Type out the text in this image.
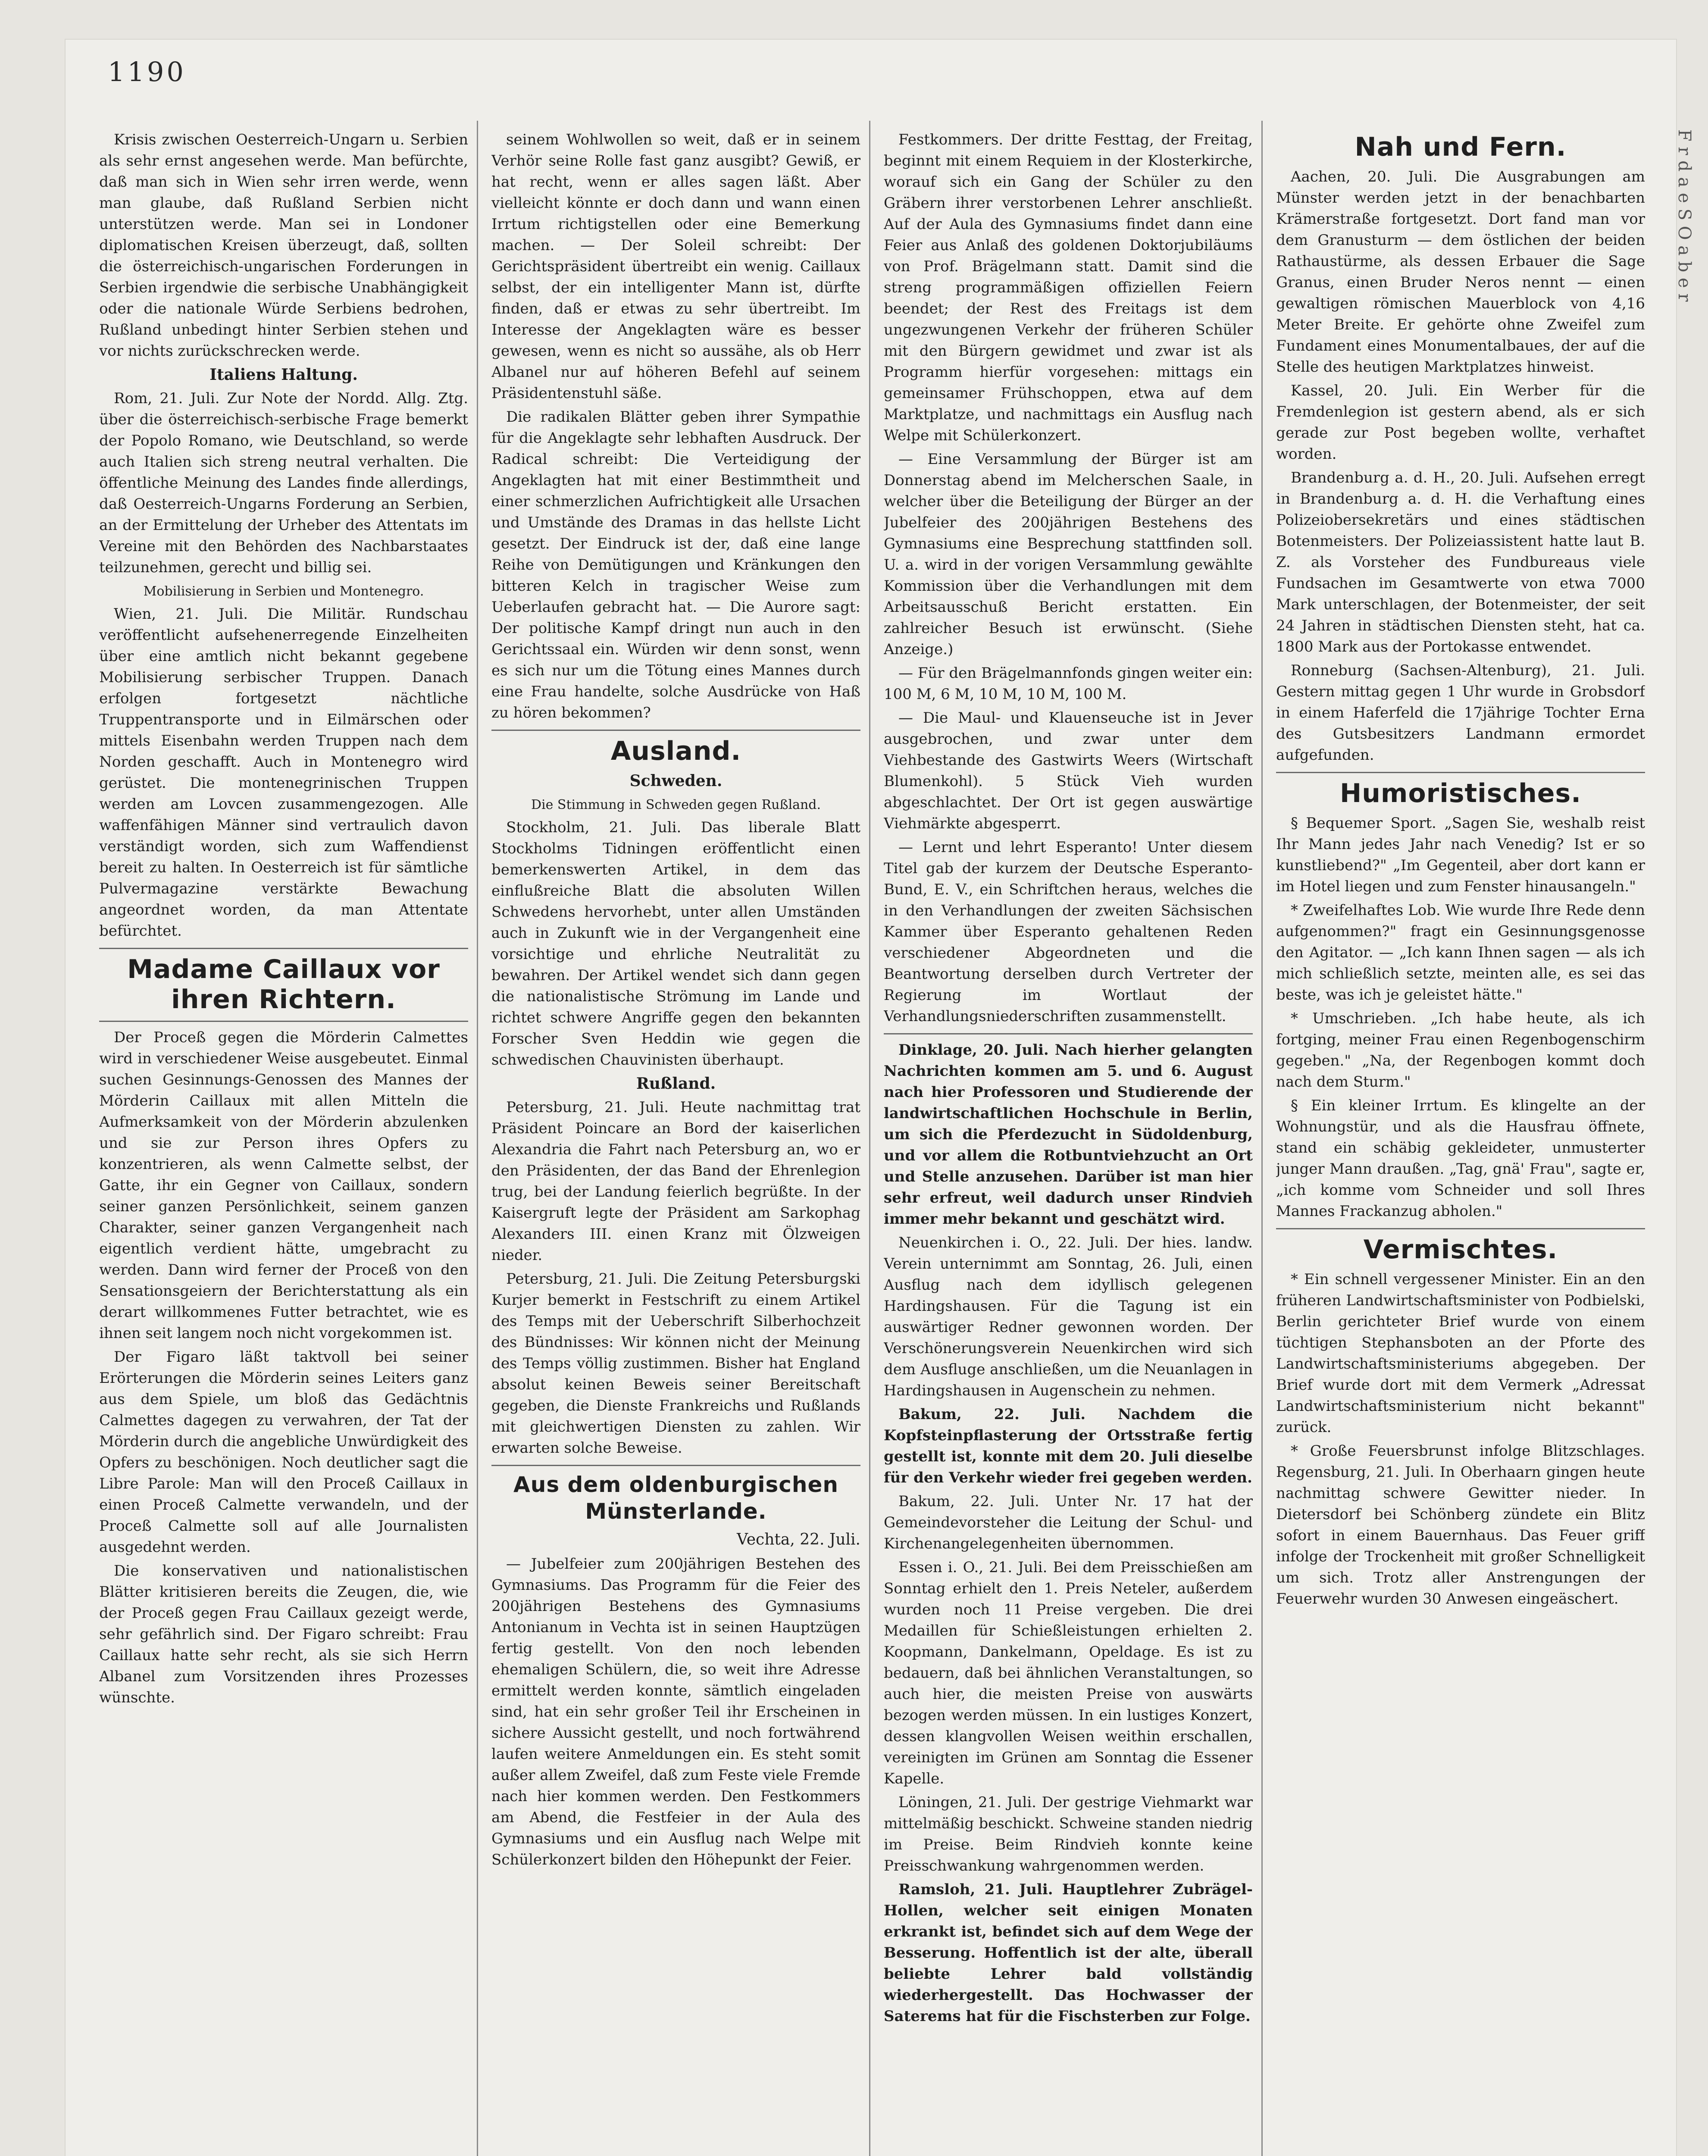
1190

Krisis zwischen Oesterreich-Ungarn u. Serbien als sehr ernst angesehen werde. Man befürchte, daß man sich in Wien sehr irren werde, wenn man glaube, daß Rußland Serbien nicht unterstützen werde. Man sei in Londoner diplomatischen Kreisen überzeugt, daß, sollten die österreichisch-ungarischen Forderungen in Serbien irgendwie die serbische Unabhängigkeit oder die nationale Würde Serbiens bedrohen, Rußland unbedingt hinter Serbien stehen und vor nichts zurückschrecken werde.

Italiens Haltung.

Rom, 21. Juli. Zur Note der Nordd. Allg. Ztg. über die österreichisch-serbische Frage bemerkt der Popolo Romano, wie Deutschland, so werde auch Italien sich streng neutral verhalten. Die öffentliche Meinung des Landes finde allerdings, daß Oesterreich-Ungarns Forderung an Serbien, an der Ermittelung der Urheber des Attentats im Vereine mit den Behörden des Nachbarstaates teilzunehmen, gerecht und billig sei.

Mobilisierung in Serbien und Montenegro.

Wien, 21. Juli. Die Militär. Rundschau veröffentlicht aufsehenerregende Einzelheiten über eine amtlich nicht bekannt gegebene Mobilisierung serbischer Truppen. Danach erfolgen fortgesetzt nächtliche Truppentransporte und in Eilmärschen oder mittels Eisenbahn werden Truppen nach dem Norden geschafft. Auch in Montenegro wird gerüstet. Die montenegrinischen Truppen werden am Lovcen zusammengezogen. Alle waffenfähigen Männer sind vertraulich davon verständigt worden, sich zum Waffendienst bereit zu halten. In Oesterreich ist für sämtliche Pulvermagazine verstärkte Bewachung angeordnet worden, da man Attentate befürchtet.

Madame Caillaux vor ihren Richtern.

Der Proceß gegen die Mörderin Calmettes wird in verschiedener Weise ausgebeutet. Einmal suchen Gesinnungs-Genossen des Mannes der Mörderin Caillaux mit allen Mitteln die Aufmerksamkeit von der Mörderin abzulenken und sie zur Person ihres Opfers zu konzentrieren, als wenn Calmette selbst, der Gatte, ihr ein Gegner von Caillaux, sondern seiner ganzen Persönlichkeit, seinem ganzen Charakter, seiner ganzen Vergangenheit nach eigentlich verdient hätte, umgebracht zu werden. Dann wird ferner der Proceß von den Sensationsgeiern der Berichterstattung als ein derart willkommenes Futter betrachtet, wie es ihnen seit langem noch nicht vorgekommen ist.

Der Figaro läßt taktvoll bei seiner Erörterungen die Mörderin seines Leiters ganz aus dem Spiele, um bloß das Gedächtnis Calmettes dagegen zu verwahren, der Tat der Mörderin durch die angebliche Unwürdigkeit des Opfers zu beschönigen. Noch deutlicher sagt die Libre Parole: Man will den Proceß Caillaux in einen Proceß Calmette verwandeln, und der Proceß Calmette soll auf alle Journalisten ausgedehnt werden.

Die konservativen und nationalistischen Blätter kritisieren bereits die Zeugen, die, wie der Proceß gegen Frau Caillaux gezeigt werde, sehr gefährlich sind. Der Figaro schreibt: Frau Caillaux hatte sehr recht, als sie sich Herrn Albanel zum Vorsitzenden ihres Prozesses wünschte.

seinem Wohlwollen so weit, daß er in seinem Verhör seine Rolle fast ganz ausgibt? Gewiß, er hat recht, wenn er alles sagen läßt. Aber vielleicht könnte er doch dann und wann einen Irrtum richtigstellen oder eine Bemerkung machen. — Der Soleil schreibt: Der Gerichtspräsident übertreibt ein wenig. Caillaux selbst, der ein intelligenter Mann ist, dürfte finden, daß er etwas zu sehr übertreibt. Im Interesse der Angeklagten wäre es besser gewesen, wenn es nicht so aussähe, als ob Herr Albanel nur auf höheren Befehl auf seinem Präsidentenstuhl säße.

Die radikalen Blätter geben ihrer Sympathie für die Angeklagte sehr lebhaften Ausdruck. Der Radical schreibt: Die Verteidigung der Angeklagten hat mit einer Bestimmtheit und einer schmerzlichen Aufrichtigkeit alle Ursachen und Umstände des Dramas in das hellste Licht gesetzt. Der Eindruck ist der, daß eine lange Reihe von Demütigungen und Kränkungen den bitteren Kelch in tragischer Weise zum Ueberlaufen gebracht hat. — Die Aurore sagt: Der politische Kampf dringt nun auch in den Gerichtssaal ein. Würden wir denn sonst, wenn es sich nur um die Tötung eines Mannes durch eine Frau handelte, solche Ausdrücke von Haß zu hören bekommen?

Ausland.
Schweden.
Die Stimmung in Schweden gegen Rußland.

Stockholm, 21. Juli. Das liberale Blatt Stockholms Tidningen eröffentlicht einen bemerkenswerten Artikel, in dem das einflußreiche Blatt die absoluten Willen Schwedens hervorhebt, unter allen Umständen auch in Zukunft wie in der Vergangenheit eine vorsichtige und ehrliche Neutralität zu bewahren. Der Artikel wendet sich dann gegen die nationalistische Strömung im Lande und richtet schwere Angriffe gegen den bekannten Forscher Sven Heddin wie gegen die schwedischen Chauvinisten überhaupt.

Rußland.

Petersburg, 21. Juli. Heute nachmittag trat Präsident Poincare an Bord der kaiserlichen Alexandria die Fahrt nach Petersburg an, wo er den Präsidenten, der das Band der Ehrenlegion trug, bei der Landung feierlich begrüßte. In der Kaisergruft legte der Präsident am Sarkophag Alexanders III. einen Kranz mit Ölzweigen nieder.

Petersburg, 21. Juli. Die Zeitung Petersburgski Kurjer bemerkt in Festschrift zu einem Artikel des Temps mit der Ueberschrift Silberhochzeit des Bündnisses: Wir können nicht der Meinung des Temps völlig zustimmen. Bisher hat England absolut keinen Beweis seiner Bereitschaft gegeben, die Dienste Frankreichs und Rußlands mit gleichwertigen Diensten zu zahlen. Wir erwarten solche Beweise.

Aus dem oldenburgischen Münsterlande.
Vechta, 22. Juli.

— Jubelfeier zum 200jährigen Bestehen des Gymnasiums. Das Programm für die Feier des 200jährigen Bestehens des Gymnasiums Antonianum in Vechta ist in seinen Hauptzügen fertig gestellt. Von den noch lebenden ehemaligen Schülern, die, so weit ihre Adresse ermittelt werden konnte, sämtlich eingeladen sind, hat ein sehr großer Teil ihr Erscheinen in sichere Aussicht gestellt, und noch fortwährend laufen weitere Anmeldungen ein. Es steht somit außer allem Zweifel, daß zum Feste viele Fremde nach hier kommen werden. Den Festkommers am Abend, die Festfeier in der Aula des Gymnasiums und ein Ausflug nach Welpe mit Schülerkonzert bilden den Höhepunkt der Feier.

Festkommers. Der dritte Festtag, der Freitag, beginnt mit einem Requiem in der Klosterkirche, worauf sich ein Gang der Schüler zu den Gräbern ihrer verstorbenen Lehrer anschließt. Auf der Aula des Gymnasiums findet dann eine Feier aus Anlaß des goldenen Doktorjubiläums von Prof. Brägelmann statt. Damit sind die streng programmäßigen offiziellen Feiern beendet; der Rest des Freitags ist dem ungezwungenen Verkehr der früheren Schüler mit den Bürgern gewidmet und zwar ist als Programm hierfür vorgesehen: mittags ein gemeinsamer Frühschoppen, etwa auf dem Marktplatze, und nachmittags ein Ausflug nach Welpe mit Schülerkonzert.

— Eine Versammlung der Bürger ist am Donnerstag abend im Melcherschen Saale, in welcher über die Beteiligung der Bürger an der Jubelfeier des 200jährigen Bestehens des Gymnasiums eine Besprechung stattfinden soll. U. a. wird in der vorigen Versammlung gewählte Kommission über die Verhandlungen mit dem Arbeitsausschuß Bericht erstatten. Ein zahlreicher Besuch ist erwünscht. (Siehe Anzeige.)

— Für den Brägelmannfonds gingen weiter ein: 100 M, 6 M, 10 M, 10 M, 100 M.

— Die Maul- und Klauenseuche ist in Jever ausgebrochen, und zwar unter dem Viehbestande des Gastwirts Weers (Wirtschaft Blumenkohl). 5 Stück Vieh wurden abgeschlachtet. Der Ort ist gegen auswärtige Viehmärkte abgesperrt.

— Lernt und lehrt Esperanto! Unter diesem Titel gab der kurzem der Deutsche Esperanto-Bund, E. V., ein Schriftchen heraus, welches die in den Verhandlungen der zweiten Sächsischen Kammer über Esperanto gehaltenen Reden verschiedener Abgeordneten und die Beantwortung derselben durch Vertreter der Regierung im Wortlaut der Verhandlungsniederschriften zusammenstellt.

Dinklage, 20. Juli. Nach hierher gelangten Nachrichten kommen am 5. und 6. August nach hier Professoren und Studierende der landwirtschaftlichen Hochschule in Berlin, um sich die Pferdezucht in Südoldenburg, und vor allem die Rotbuntviehzucht an Ort und Stelle anzusehen. Darüber ist man hier sehr erfreut, weil dadurch unser Rindvieh immer mehr bekannt und geschätzt wird.

Neuenkirchen i. O., 22. Juli. Der hies. landw. Verein unternimmt am Sonntag, 26. Juli, einen Ausflug nach dem idyllisch gelegenen Hardingshausen. Für die Tagung ist ein auswärtiger Redner gewonnen worden. Der Verschönerungsverein Neuenkirchen wird sich dem Ausfluge anschließen, um die Neuanlagen in Hardingshausen in Augenschein zu nehmen.

Bakum, 22. Juli. Nachdem die Kopfsteinpflasterung der Ortsstraße fertig gestellt ist, konnte mit dem 20. Juli dieselbe für den Verkehr wieder frei gegeben werden.

Bakum, 22. Juli. Unter Nr. 17 hat der Gemeindevorsteher die Leitung der Schul- und Kirchenangelegenheiten übernommen.

Essen i. O., 21. Juli. Bei dem Preisschießen am Sonntag erhielt den 1. Preis Neteler, außerdem wurden noch 11 Preise vergeben. Die drei Medaillen für Schießleistungen erhielten 2. Koopmann, Dankelmann, Opeldage. Es ist zu bedauern, daß bei ähnlichen Veranstaltungen, so auch hier, die meisten Preise von auswärts bezogen werden müssen. In ein lustiges Konzert, dessen klangvollen Weisen weithin erschallen, vereinigten im Grünen am Sonntag die Essener Kapelle.

Löningen, 21. Juli. Der gestrige Viehmarkt war mittelmäßig beschickt. Schweine standen niedrig im Preise. Beim Rindvieh konnte keine Preisschwankung wahrgenommen werden.

Ramsloh, 21. Juli. Hauptlehrer Zubrägel-Hollen, welcher seit einigen Monaten erkrankt ist, befindet sich auf dem Wege der Besserung. Hoffentlich ist der alte, überall beliebte Lehrer bald vollständig wiederhergestellt. Das Hochwasser der Saterems hat für die Fischsterben zur Folge.

Nah und Fern.

Aachen, 20. Juli. Die Ausgrabungen am Münster werden jetzt in der benachbarten Krämerstraße fortgesetzt. Dort fand man vor dem Granusturm — dem östlichen der beiden Rathaustürme, als dessen Erbauer die Sage Granus, einen Bruder Neros nennt — einen gewaltigen römischen Mauerblock von 4,16 Meter Breite. Er gehörte ohne Zweifel zum Fundament eines Monumentalbaues, der auf die Stelle des heutigen Marktplatzes hinweist.

Kassel, 20. Juli. Ein Werber für die Fremdenlegion ist gestern abend, als er sich gerade zur Post begeben wollte, verhaftet worden.

Brandenburg a. d. H., 20. Juli. Aufsehen erregt in Brandenburg a. d. H. die Verhaftung eines Polizeiobersekretärs und eines städtischen Botenmeisters. Der Polizeiassistent hatte laut B. Z. als Vorsteher des Fundbureaus viele Fundsachen im Gesamtwerte von etwa 7000 Mark unterschlagen, der Botenmeister, der seit 24 Jahren in städtischen Diensten steht, hat ca. 1800 Mark aus der Portokasse entwendet.

Ronneburg (Sachsen-Altenburg), 21. Juli. Gestern mittag gegen 1 Uhr wurde in Grobsdorf in einem Haferfeld die 17jährige Tochter Erna des Gutsbesitzers Landmann ermordet aufgefunden.

Humoristisches.

§ Bequemer Sport. „Sagen Sie, weshalb reist Ihr Mann jedes Jahr nach Venedig? Ist er so kunstliebend?" „Im Gegenteil, aber dort kann er im Hotel liegen und zum Fenster hinausangeln."

* Zweifelhaftes Lob. Wie wurde Ihre Rede denn aufgenommen?" fragt ein Gesinnungsgenosse den Agitator. — „Ich kann Ihnen sagen — als ich mich schließlich setzte, meinten alle, es sei das beste, was ich je geleistet hätte."

* Umschrieben. „Ich habe heute, als ich fortging, meiner Frau einen Regenbogenschirm gegeben." „Na, der Regenbogen kommt doch nach dem Sturm."

§ Ein kleiner Irrtum. Es klingelte an der Wohnungstür, und als die Hausfrau öffnete, stand ein schäbig gekleideter, unmusterter junger Mann draußen. „Tag, gnä' Frau", sagte er, „ich komme vom Schneider und soll Ihres Mannes Frackanzug abholen."

Vermischtes.

* Ein schnell vergessener Minister. Ein an den früheren Landwirtschaftsminister von Podbielski, Berlin gerichteter Brief wurde von einem tüchtigen Stephansboten an der Pforte des Landwirtschaftsministeriums abgegeben. Der Brief wurde dort mit dem Vermerk „Adressat Landwirtschaftsministerium nicht bekannt" zurück.

* Große Feuersbrunst infolge Blitzschlages. Regensburg, 21. Juli. In Oberhaarn gingen heute nachmittag schwere Gewitter nieder. In Dietersdorf bei Schönberg zündete ein Blitz sofort in einem Bauernhaus. Das Feuer griff infolge der Trockenheit mit großer Schnelligkeit um sich. Trotz aller Anstrengungen der Feuerwehr wurden 30 Anwesen eingeäschert.

F r d a e S O a b e r
